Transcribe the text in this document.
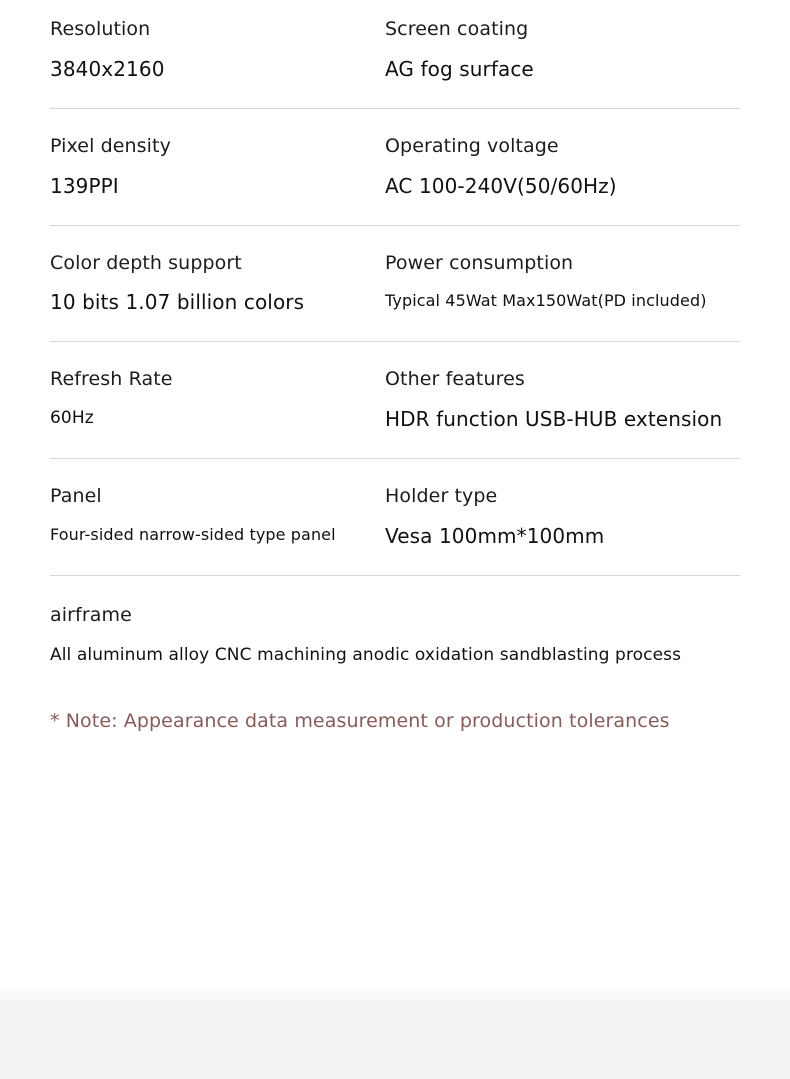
Resolution
3840x2160
Screen coating
AG fog surface
Pixel density
139PPI
Operating voltage
AC 100-240V(50/60Hz)
Color depth support
10 bits 1.07 billion colors
Power consumption
Typical 45Wat Max150Wat(PD included)
Refresh Rate
60Hz
Other features
HDR function USB-HUB extension
Panel
Four-sided narrow-sided type panel
Holder type
Vesa 100mm*100mm
airframe
All aluminum alloy CNC machining anodic oxidation sandblasting process
* Note: Appearance data measurement or production tolerances
